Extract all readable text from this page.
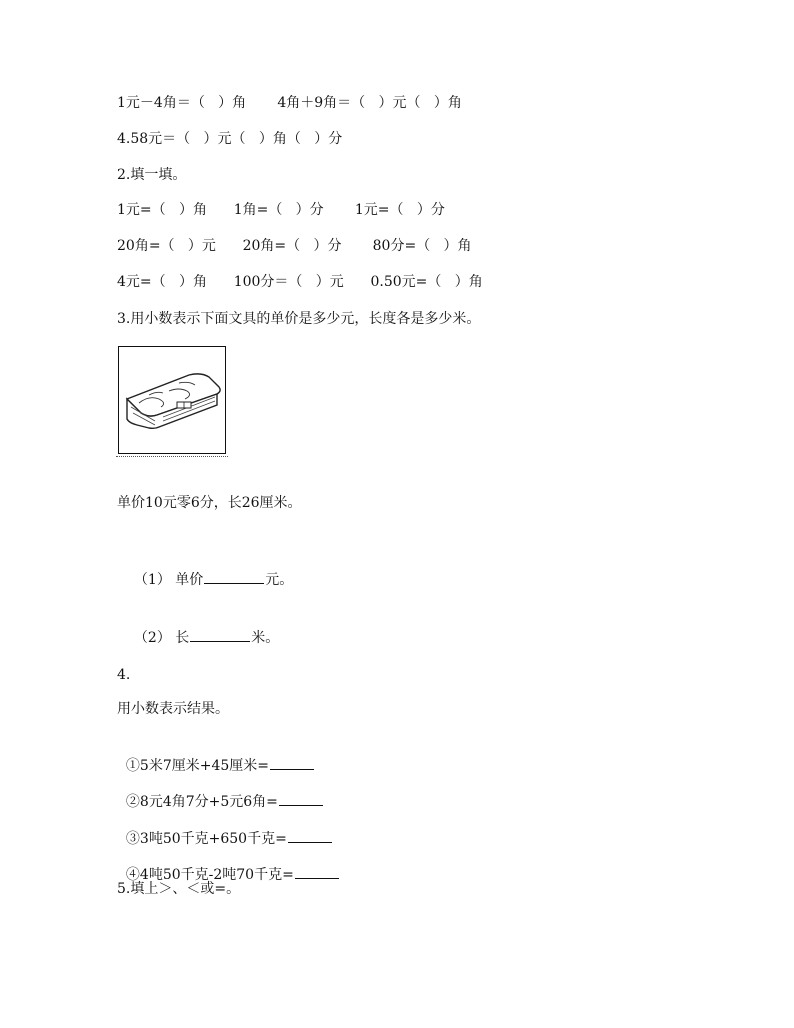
1元－4角＝（   ）角       4角＋9角＝（   ）元（   ）角
4.58元＝（   ）元（   ）角（   ）分
2.填一填。
1元=（   ）角      1角=（   ）分       1元=（   ）分
20角=（   ）元      20角=（   ）分       80分=（   ）角
4元=（   ）角      100分＝（   ）元      0.50元=（   ）角
3.用小数表示下面文具的单价是多少元，长度各是多少米。
单价10元零6分，长26厘米。

（1） 单价	元。

（2） 长	米。

4.
用小数表示结果。

①5米7厘米+45厘米=

②8元4角7分+5元6角=

③3吨50千克+650千克=

④4吨50千克-2吨70千克=

5.填上＞、＜或=。
